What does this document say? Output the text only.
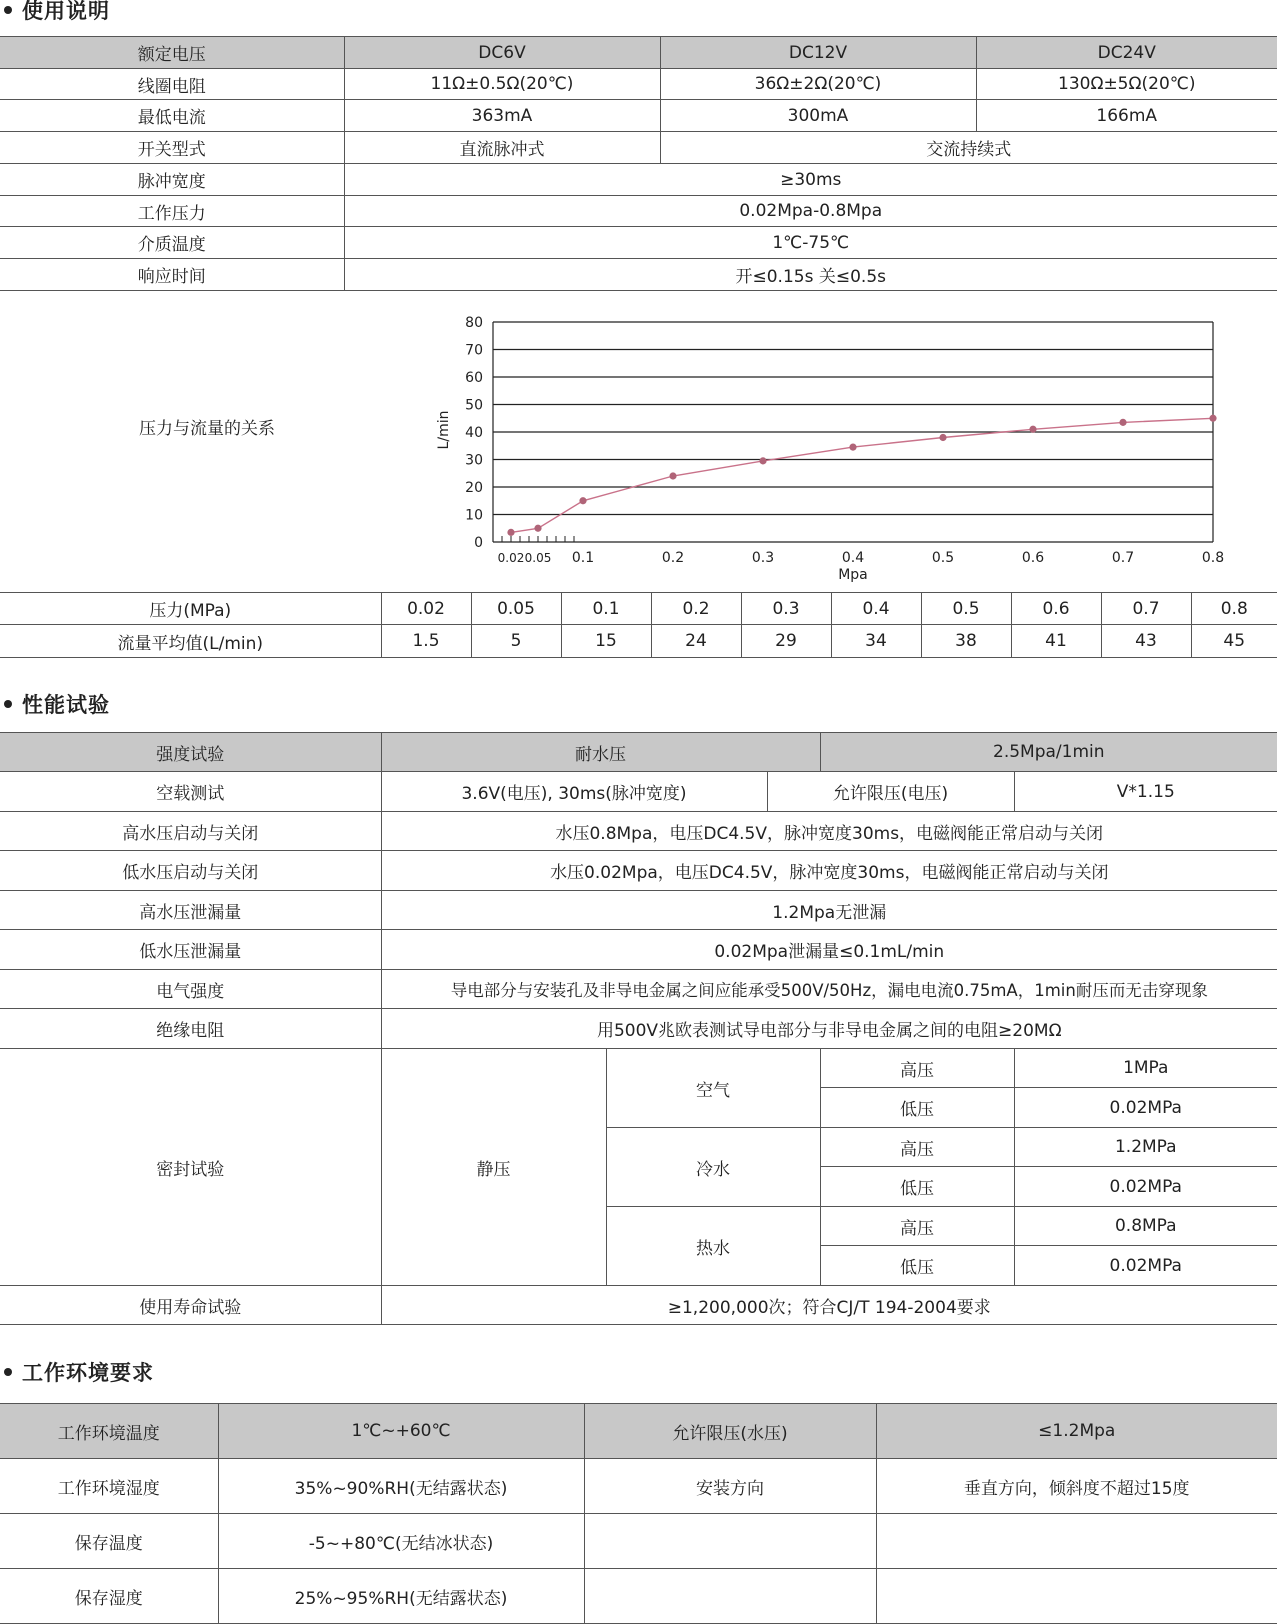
使用说明
额定电压	DC6V	DC12V	DC24V
线圈电阻	11Ω±0.5Ω(20℃)	36Ω±2Ω(20℃)	130Ω±5Ω(20℃)
最低电流	363mA	300mA	166mA
开关型式	直流脉冲式	交流持续式	
脉冲宽度	≥30ms		
工作压力	0.02Mpa-0.8Mpa		
介质温度	1℃-75℃		
响应时间	开≤0.15s 关≤0.5s		
压力与流量的关系
0
10
20
30
40
50
60
70
80
0.02 0.05 0.1	0.2	0.3	0.4	0.5	0.6	0.7	0.8
Mpa
L/min
压力(MPa)	0.02	0.05	0.1	0.2	0.3	0.4	0.5	0.6	0.7	0.8
流量平均值(L/min)	1.5	5	15	24	29	34	38	41	43	45
性能试验
强度试验	耐水压			2.5Mpa/1min	
空载测试	3.6V(电压), 30ms(脉冲宽度)		允许限压(电压)		V*1.15
高水压启动与关闭	水压0.8Mpa，电压DC4.5V，脉冲宽度30ms，电磁阀能正常启动与关闭				
低水压启动与关闭	水压0.02Mpa，电压DC4.5V，脉冲宽度30ms，电磁阀能正常启动与关闭				
高水压泄漏量	1.2Mpa无泄漏				
低水压泄漏量	0.02Mpa泄漏量≤0.1mL/min				
电气强度	导电部分与安装孔及非导电金属之间应能承受500V/50Hz，漏电电流0.75mA，1min耐压而无击穿现象				
绝缘电阻	用500V兆欧表测试导电部分与非导电金属之间的电阻≥20MΩ				
密封试验	静压	空气		高压	1MPa
				低压	0.02MPa
		冷水		高压	1.2MPa
				低压	0.02MPa
		热水		高压	0.8MPa
				低压	0.02MPa
使用寿命试验	≥1,200,000次；符合CJ/T 194-2004要求				
工作环境要求
工作环境温度	1℃~+60℃	允许限压(水压)	≤1.2Mpa
工作环境湿度	35%~90%RH(无结露状态)	安装方向	垂直方向，倾斜度不超过15度
保存温度	-5~+80℃(无结冰状态)		
保存湿度	25%~95%RH(无结露状态)		
